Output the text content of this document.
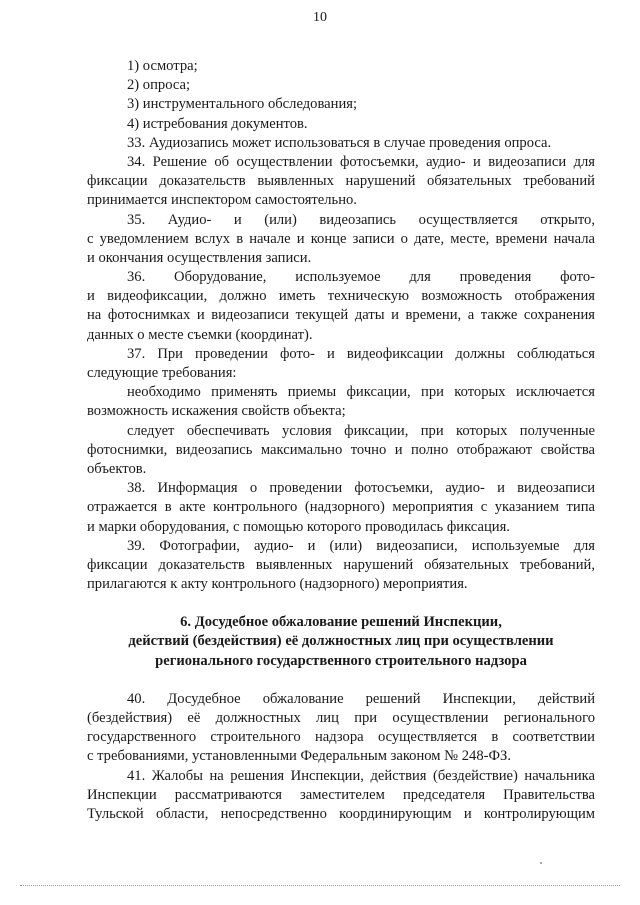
10
1) осмотра;
2) опроса;
3) инструментального обследования;
4) истребования документов.
33. Аудиозапись может использоваться в случае проведения опроса.
34. Решение об осуществлении фотосъемки, аудио- и видеозаписи для
фиксации доказательств выявленных нарушений обязательных требований
принимается инспектором самостоятельно.
35. Аудио- и (или) видеозапись осуществляется открыто,
с уведомлением вслух в начале и конце записи о дате, месте, времени начала
и окончания осуществления записи.
36. Оборудование, используемое для проведения фото-
и видеофиксации, должно иметь техническую возможность отображения
на фотоснимках и видеозаписи текущей даты и времени, а также сохранения
данных о месте съемки (координат).
37. При проведении фото- и видеофиксации должны соблюдаться
следующие требования:
необходимо применять приемы фиксации, при которых исключается
возможность искажения свойств объекта;
следует обеспечивать условия фиксации, при которых полученные
фотоснимки, видеозапись максимально точно и полно отображают свойства
объектов.
38. Информация о проведении фотосъемки, аудио- и видеозаписи
отражается в акте контрольного (надзорного) мероприятия с указанием типа
и марки оборудования, с помощью которого проводилась фиксация.
39. Фотографии, аудио- и (или) видеозаписи, используемые для
фиксации доказательств выявленных нарушений обязательных требований,
прилагаются к акту контрольного (надзорного) мероприятия.
6. Досудебное обжалование решений Инспекции,
действий (бездействия) её должностных лиц при осуществлении
регионального государственного строительного надзора
40. Досудебное обжалование решений Инспекции, действий
(бездействия) её должностных лиц при осуществлении регионального
государственного строительного надзора осуществляется в соответствии
с требованиями, установленными Федеральным законом № 248-ФЗ.
41. Жалобы на решения Инспекции, действия (бездействие) начальника
Инспекции рассматриваются заместителем председателя Правительства
Тульской области, непосредственно координирующим и контролирующим
